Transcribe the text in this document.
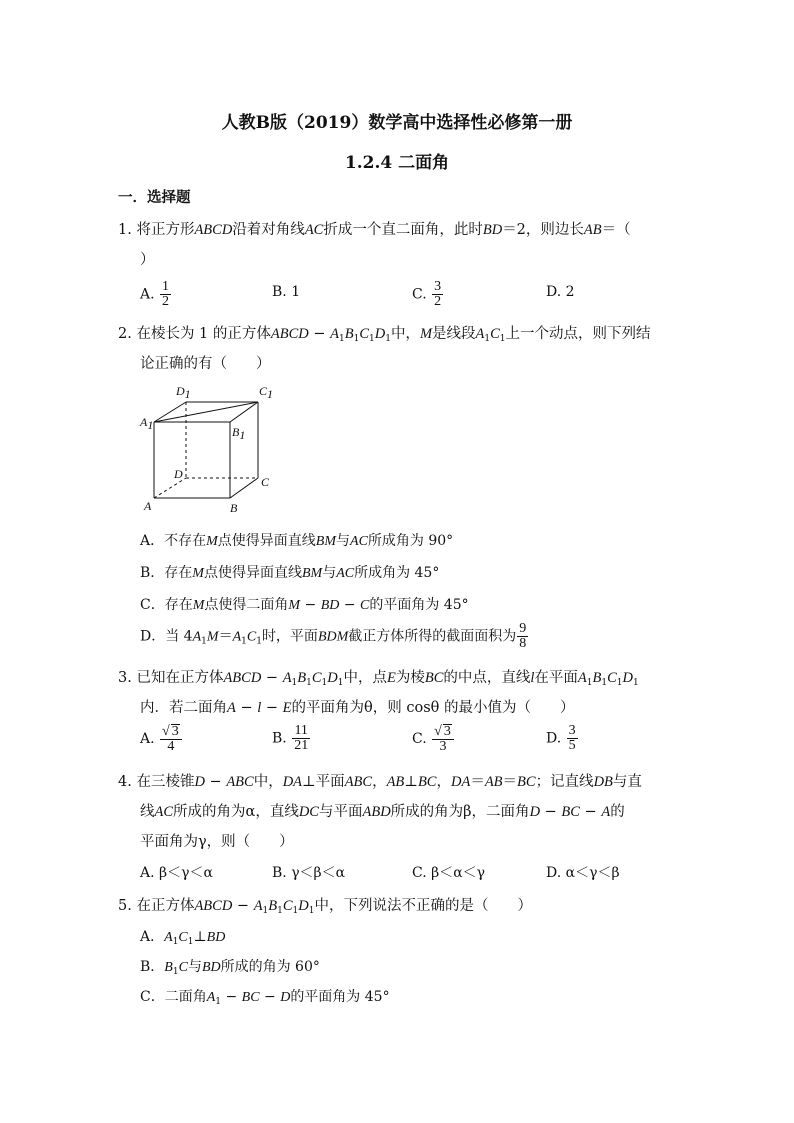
人教B版（2019）数学高中选择性必修第一册
1.2.4 二面角
一．选择题
1. 将正方形ABCD沿着对角线AC折成一个直二面角，此时BD＝2，则边长AB＝（
）
A. $\frac{1}{2}$	B. 1	C. $\frac{3}{2}$	D. 2
2. 在棱长为 1 的正方体ABCD − $A_1B_1C_1D_1$中，M是线段$A_1C_1$上一个动点，则下列结
论正确的有（　　）
D1	C1
A1	B1
D
C
A	B
A．不存在M点使得异面直线BM与AC所成角为 90°
B．存在M点使得异面直线BM与AC所成角为 45°
C．存在M点使得二面角M − BD − C的平面角为 45°
D．当 $4A_1M=A_1C_1$时，平面BDM截正方体所得的截面面积为 $\frac{9}{8}$
3. 已知在正方体ABCD − $A_1B_1C_1D_1$中，点E为棱BC的中点，直线l在平面$A_1B_1C_1D_1$
内．若二面角A − l − E的平面角为θ，则 cosθ 的最小值为（　　）
A. $\frac{√ 3}{4}$	B. $\frac{11}{21}$	C. $\frac{√ 3}{3}$	D. $\frac{3}{5}$
4. 在三棱锥D − ABC中，DA⊥平面ABC，AB⊥BC，DA＝AB＝BC；记直线DB与直
线AC所成的角为α，直线DC与平面ABD所成的角为β，二面角D − BC − A的
平面角为γ，则（　　）
A. β＜γ＜α	B. γ＜β＜α	C. β＜α＜γ	D. α＜γ＜β
5. 在正方体ABCD − $A_1B_1C_1D_1$中，下列说法不正确的是（　　）
A．$A_1C_1\perp BD$
B．$B_1C$与BD所成的角为 60°
C．二面角$A_1$ − BC − D的平面角为 45°
